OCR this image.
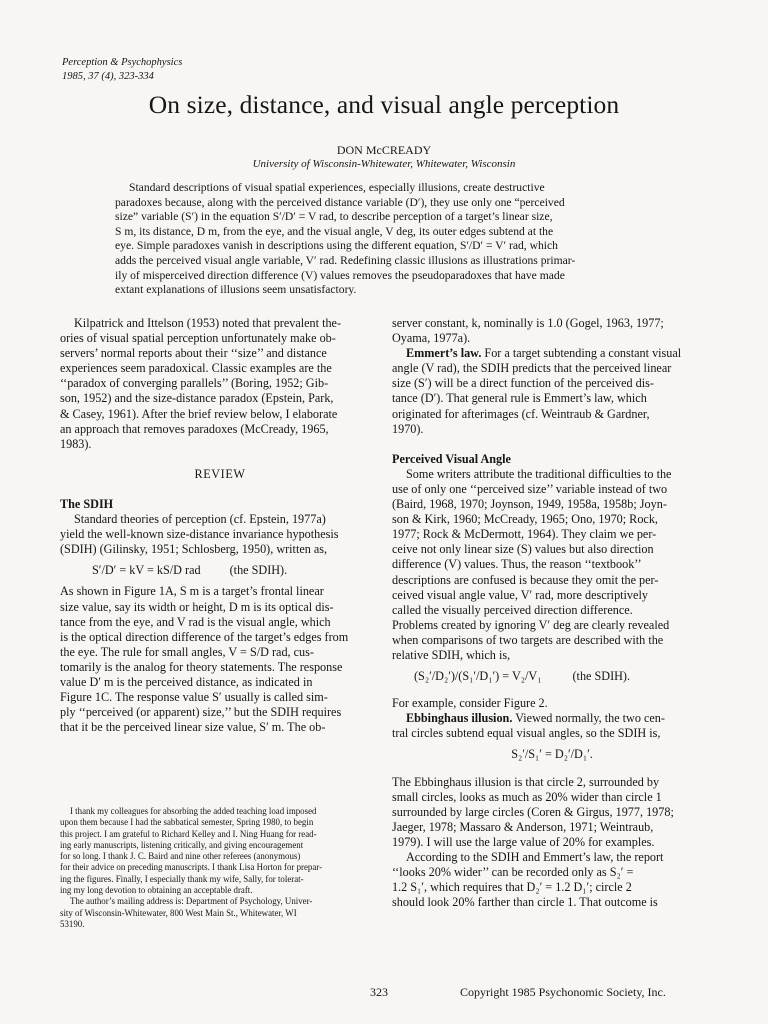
Perception & Psychophysics
1985, 37 (4), 323-334
On size, distance, and visual angle perception
DON McCREADY
University of Wisconsin-Whitewater, Whitewater, Wisconsin
Standard descriptions of visual spatial experiences, especially illusions, create destructive
paradoxes because, along with the perceived distance variable (D′), they use only one “perceived
size” variable (S′) in the equation S′/D′ = V rad, to describe perception of a target’s linear size,
S m, its distance, D m, from the eye, and the visual angle, V deg, its outer edges subtend at the
eye. Simple paradoxes vanish in descriptions using the different equation, S′/D′ = V′ rad, which
adds the perceived visual angle variable, V′ rad. Redefining classic illusions as illustrations primar-
ily of misperceived direction difference (V) values removes the pseudoparadoxes that have made
extant explanations of illusions seem unsatisfactory.
Kilpatrick and Ittelson (1953) noted that prevalent the-
ories of visual spatial perception unfortunately make ob-
servers’ normal reports about their ‘‘size’’ and distance
experiences seem paradoxical. Classic examples are the
‘‘paradox of converging parallels’’ (Boring, 1952; Gib-
son, 1952) and the size-distance paradox (Epstein, Park,
& Casey, 1961). After the brief review below, I elaborate
an approach that removes paradoxes (McCready, 1965,
1983).
REVIEW
The SDIH
Standard theories of perception (cf. Epstein, 1977a)
yield the well-known size-distance invariance hypothesis
(SDIH) (Gilinsky, 1951; Schlosberg, 1950), written as,
S′/D′ = kV = kS/D rad (the SDIH).
As shown in Figure 1A, S m is a target’s frontal linear
size value, say its width or height, D m is its optical dis-
tance from the eye, and V rad is the visual angle, which
is the optical direction difference of the target’s edges from
the eye. The rule for small angles, V = S/D rad, cus-
tomarily is the analog for theory statements. The response
value D′ m is the perceived distance, as indicated in
Figure 1C. The response value S′ usually is called sim-
ply ‘‘perceived (or apparent) size,’’ but the SDIH requires
that it be the perceived linear size value, S′ m. The ob-
I thank my colleagues for absorbing the added teaching load imposed
upon them because I had the sabbatical semester, Spring 1980, to begin
this project. I am grateful to Richard Kelley and I. Ning Huang for read-
ing early manuscripts, listening critically, and giving encouragement
for so long. I thank J. C. Baird and nine other referees (anonymous)
for their advice on preceding manuscripts. I thank Lisa Horton for prepar-
ing the figures. Finally, I especially thank my wife, Sally, for tolerat-
ing my long devotion to obtaining an acceptable draft.
The author’s mailing address is: Department of Psychology, Univer-
sity of Wisconsin-Whitewater, 800 West Main St., Whitewater, WI
53190.
server constant, k, nominally is 1.0 (Gogel, 1963, 1977;
Oyama, 1977a).
Emmert’s law. For a target subtending a constant visual
angle (V rad), the SDIH predicts that the perceived linear
size (S′) will be a direct function of the perceived dis-
tance (D′). That general rule is Emmert’s law, which
originated for afterimages (cf. Weintraub & Gardner,
1970).
Perceived Visual Angle
Some writers attribute the traditional difficulties to the
use of only one ‘‘perceived size’’ variable instead of two
(Baird, 1968, 1970; Joynson, 1949, 1958a, 1958b; Joyn-
son & Kirk, 1960; McCready, 1965; Ono, 1970; Rock,
1977; Rock & McDermott, 1964). They claim we per-
ceive not only linear size (S) values but also direction
difference (V) values. Thus, the reason ‘‘textbook’’
descriptions are confused is because they omit the per-
ceived visual angle value, V′ rad, more descriptively
called the visually perceived direction difference.
Problems created by ignoring V′ deg are clearly revealed
when comparisons of two targets are described with the
relative SDIH, which is,
(S₂′/D₂′)/(S₁′/D₁′) = V₂/V₁	(the SDIH).
For example, consider Figure 2.
Ebbinghaus illusion. Viewed normally, the two cen-
tral circles subtend equal visual angles, so the SDIH is,
S₂′/S₁′ = D₂′/D₁′.
The Ebbinghaus illusion is that circle 2, surrounded by
small circles, looks as much as 20% wider than circle 1
surrounded by large circles (Coren & Girgus, 1977, 1978;
Jaeger, 1978; Massaro & Anderson, 1971; Weintraub,
1979). I will use the large value of 20% for examples.
According to the SDIH and Emmert’s law, the report
‘‘looks 20% wider’’ can be recorded only as S₂′ =
1.2 S₁′, which requires that D₂′ = 1.2 D₁′; circle 2
should look 20% farther than circle 1. That outcome is
323	Copyright 1985 Psychonomic Society, Inc.
